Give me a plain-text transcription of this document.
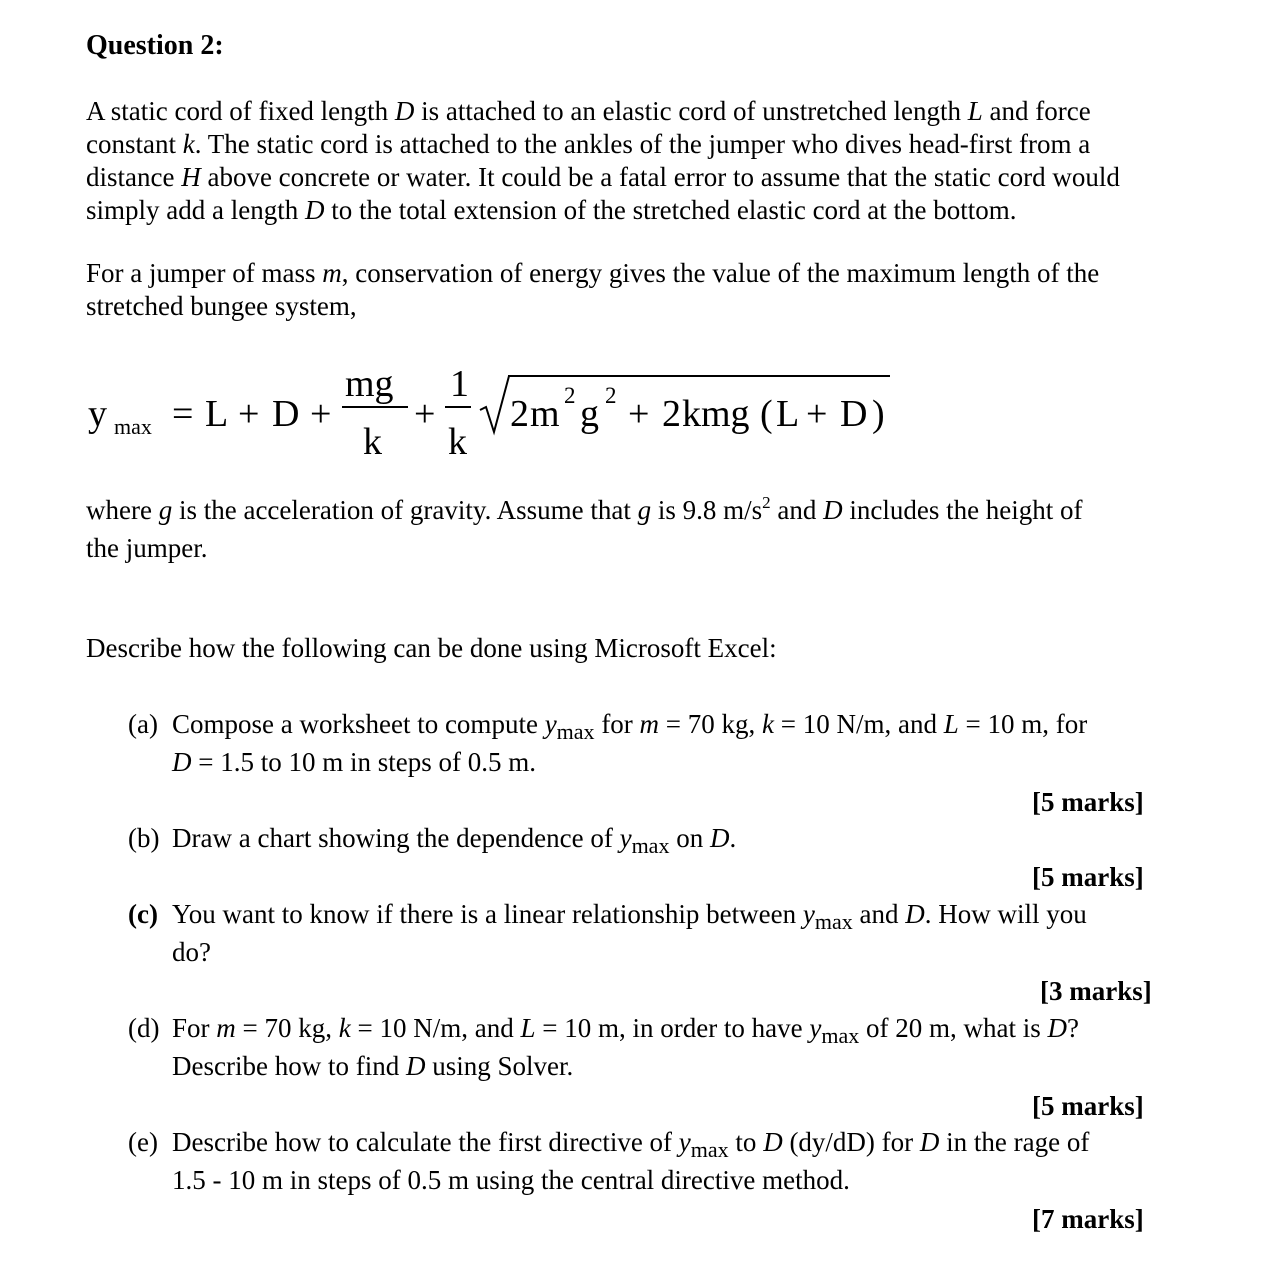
Question 2:
A static cord of fixed length D is attached to an elastic cord of unstretched length L and force
constant k. The static cord is attached to the ankles of the jumper who dives head-first from a
distance H above concrete or water. It could be a fatal error to assume that the static cord would
simply add a length D to the total extension of the stretched elastic cord at the bottom.
For a jumper of mass m, conservation of energy gives the value of the maximum length of the
stretched bungee system,
y max = L + D +
mg
k
+
1
k
2 m 2 g 2 + 2 kmg ( L + D )
where g is the acceleration of gravity. Assume that g is 9.8 $m/s^2$ and D includes the height of
the jumper.
Describe how the following can be done using Microsoft Excel:
(a) Compose a worksheet to compute $y_{max}$ for m = 70 kg, k = 10 N/m, and L = 10 m, for
D = 1.5 to 10 m in steps of 0.5 m.
[5 marks]
(b) Draw a chart showing the dependence of $y_{max}$ on D.
[5 marks]
(c) You want to know if there is a linear relationship between $y_{max}$ and D. How will you
do?
[3 marks]
(d) For m = 70 kg, k = 10 N/m, and L = 10 m, in order to have $y_{max}$ of 20 m, what is D?
Describe how to find D using Solver.
[5 marks]
(e) Describe how to calculate the first directive of $y_{max}$ to D (dy/dD) for D in the rage of
1.5 - 10 m in steps of 0.5 m using the central directive method.
[7 marks]
